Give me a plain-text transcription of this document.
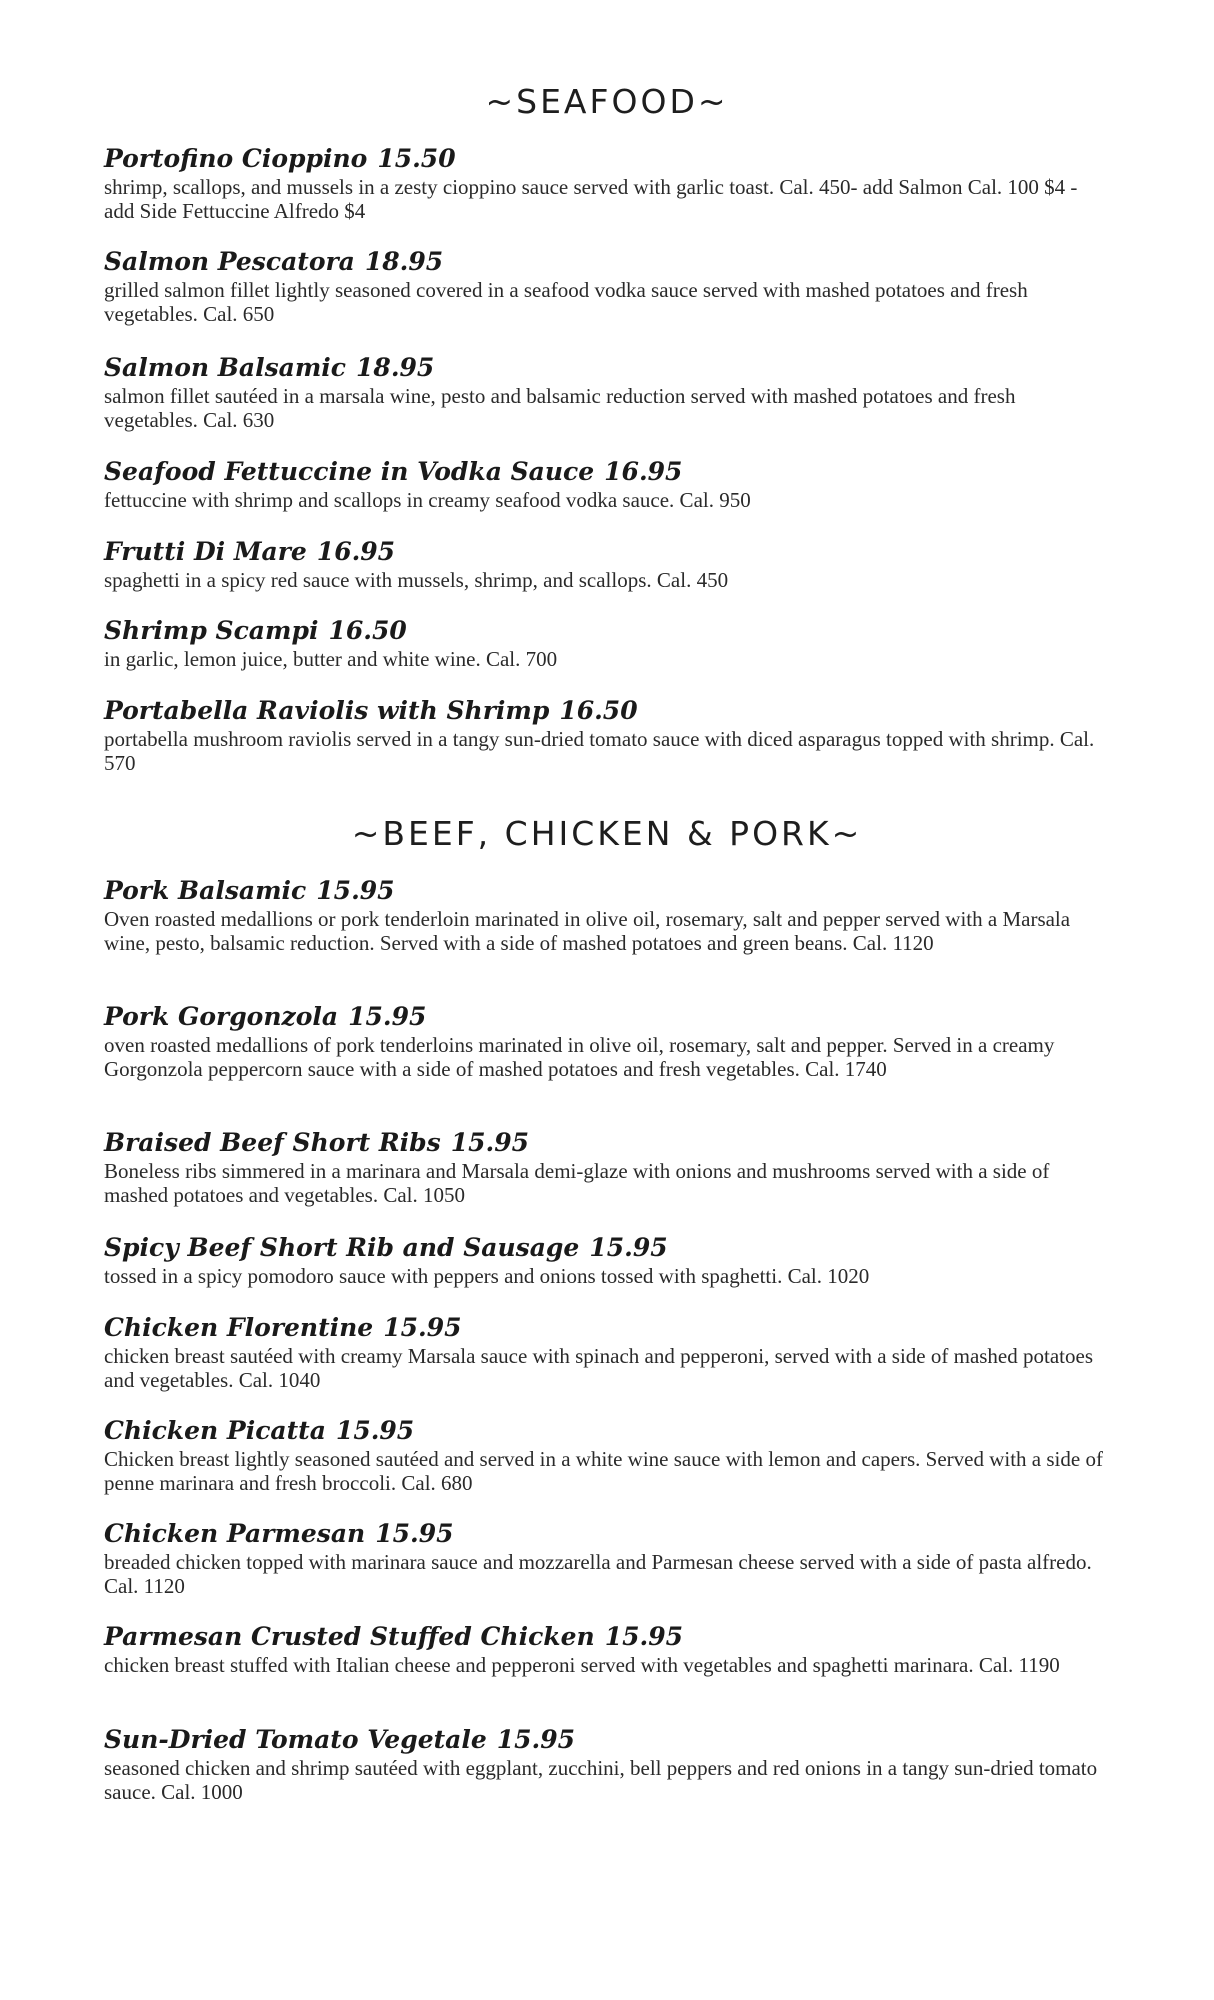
~SEAFOOD~
Portofino Cioppino 15.50
shrimp, scallops, and mussels in a zesty cioppino sauce served with garlic toast. Cal. 450- add Salmon Cal. 100 $4 - add Side Fettuccine Alfredo $4
Salmon Pescatora 18.95
grilled salmon fillet lightly seasoned covered in a seafood vodka sauce served with mashed potatoes and fresh vegetables. Cal. 650
Salmon Balsamic 18.95
salmon fillet sautéed in a marsala wine, pesto and balsamic reduction served with mashed potatoes and fresh vegetables. Cal. 630
Seafood Fettuccine in Vodka Sauce 16.95
fettuccine with shrimp and scallops in creamy seafood vodka sauce. Cal. 950
Frutti Di Mare 16.95
spaghetti in a spicy red sauce with mussels, shrimp, and scallops. Cal. 450
Shrimp Scampi 16.50
in garlic, lemon juice, butter and white wine. Cal. 700
Portabella Raviolis with Shrimp 16.50
portabella mushroom raviolis served in a tangy sun-dried tomato sauce with diced asparagus topped with shrimp. Cal. 570
~BEEF, CHICKEN & PORK~
Pork Balsamic 15.95
Oven roasted medallions or pork tenderloin marinated in olive oil, rosemary, salt and pepper served with a Marsala wine, pesto, balsamic reduction. Served with a side of mashed potatoes and green beans. Cal. 1120
Pork Gorgonzola 15.95
oven roasted medallions of pork tenderloins marinated in olive oil, rosemary, salt and pepper. Served in a creamy Gorgonzola peppercorn sauce with a side of mashed potatoes and fresh vegetables. Cal. 1740
Braised Beef Short Ribs 15.95
Boneless ribs simmered in a marinara and Marsala demi-glaze with onions and mushrooms served with a side of mashed potatoes and vegetables. Cal. 1050
Spicy Beef Short Rib and Sausage 15.95
tossed in a spicy pomodoro sauce with peppers and onions tossed with spaghetti. Cal. 1020
Chicken Florentine 15.95
chicken breast sautéed with creamy Marsala sauce with spinach and pepperoni, served with a side of mashed potatoes and vegetables. Cal. 1040
Chicken Picatta 15.95
Chicken breast lightly seasoned sautéed and served in a white wine sauce with lemon and capers. Served with a side of penne marinara and fresh broccoli. Cal. 680
Chicken Parmesan 15.95
breaded chicken topped with marinara sauce and mozzarella and Parmesan cheese served with a side of pasta alfredo. Cal. 1120
Parmesan Crusted Stuffed Chicken 15.95
chicken breast stuffed with Italian cheese and pepperoni served with vegetables and spaghetti marinara. Cal. 1190
Sun-Dried Tomato Vegetale 15.95
seasoned chicken and shrimp sautéed with eggplant, zucchini, bell peppers and red onions in a tangy sun-dried tomato sauce. Cal. 1000
